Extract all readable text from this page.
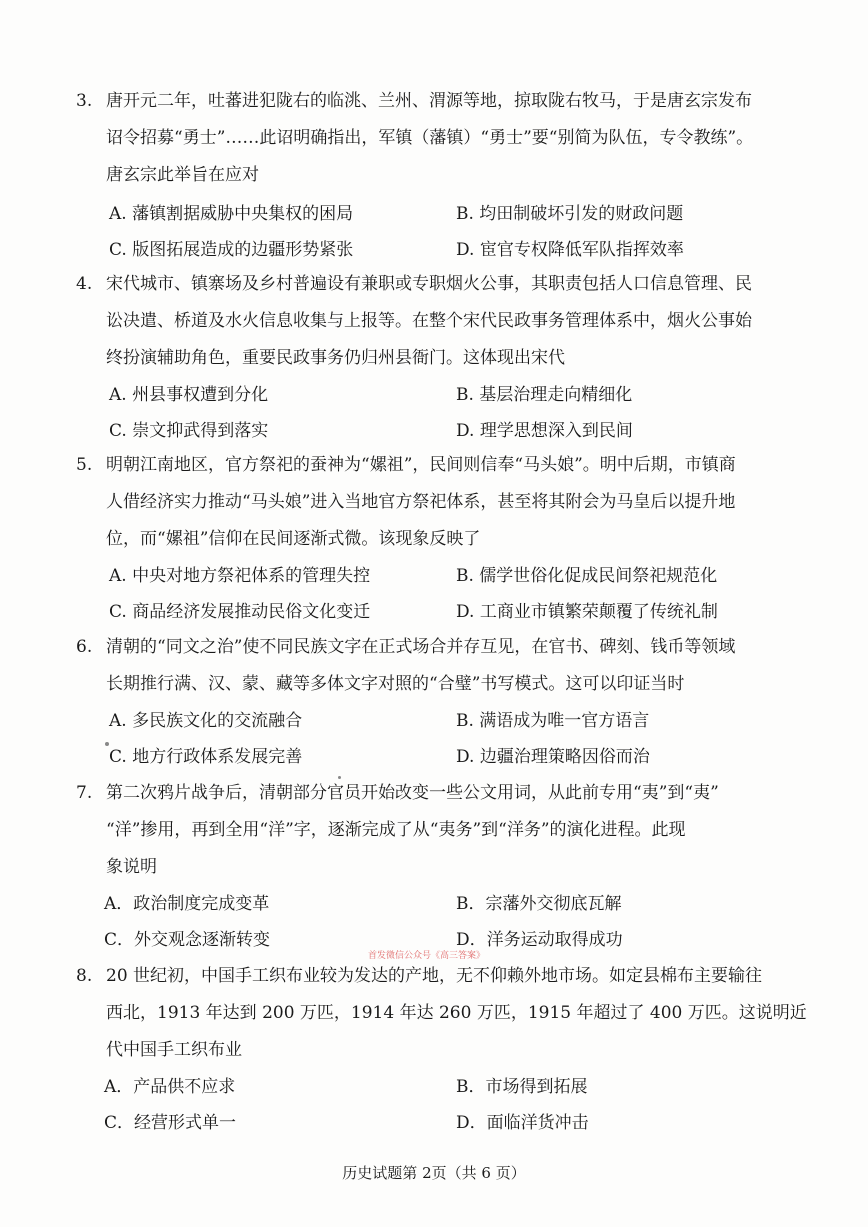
3. 唐开元二年，吐蕃进犯陇右的临洮、兰州、渭源等地，掠取陇右牧马，于是唐玄宗发布
诏令招募“勇士”……此诏明确指出，军镇（藩镇）“勇士”要“别简为队伍，专令教练”。
唐玄宗此举旨在应对
A. 藩镇割据威胁中央集权的困局	B. 均田制破坏引发的财政问题
C. 版图拓展造成的边疆形势紧张	D. 宦官专权降低军队指挥效率
4. 宋代城市、镇寨场及乡村普遍设有兼职或专职烟火公事，其职责包括人口信息管理、民
讼决遣、桥道及水火信息收集与上报等。在整个宋代民政事务管理体系中，烟火公事始
终扮演辅助角色，重要民政事务仍归州县衙门。这体现出宋代
A. 州县事权遭到分化	B. 基层治理走向精细化
C. 崇文抑武得到落实	D. 理学思想深入到民间
5. 明朝江南地区，官方祭祀的蚕神为“嫘祖”，民间则信奉“马头娘”。明中后期，市镇商
人借经济实力推动“马头娘”进入当地官方祭祀体系，甚至将其附会为马皇后以提升地
位，而“嫘祖”信仰在民间逐渐式微。该现象反映了
A. 中央对地方祭祀体系的管理失控	B. 儒学世俗化促成民间祭祀规范化
C. 商品经济发展推动民俗文化变迁	D. 工商业市镇繁荣颠覆了传统礼制
6. 清朝的“同文之治”使不同民族文字在正式场合并存互见，在官书、碑刻、钱币等领域
长期推行满、汉、蒙、藏等多体文字对照的“合璧”书写模式。这可以印证当时
A. 多民族文化的交流融合	B. 满语成为唯一官方语言
C. 地方行政体系发展完善	D. 边疆治理策略因俗而治
7. 第二次鸦片战争后，清朝部分官员开始改变一些公文用词，从此前专用“夷”到“夷”
“洋”掺用，再到全用“洋”字，逐渐完成了从“夷务”到“洋务”的演化进程。此现
象说明
A．政治制度完成变革	B．宗藩外交彻底瓦解
C．外交观念逐渐转变	D．洋务运动取得成功
8. 20 世纪初，中国手工织布业较为发达的产地，无不仰赖外地市场。如定县棉布主要输往
西北，1913 年达到 200 万匹，1914 年达 260 万匹，1915 年超过了 400 万匹。这说明近
代中国手工织布业
A．产品供不应求	B．市场得到拓展
C．经营形式单一	D．面临洋货冲击
首发微信公众号《高三答案》
历史试题第 2页（共 6 页）
